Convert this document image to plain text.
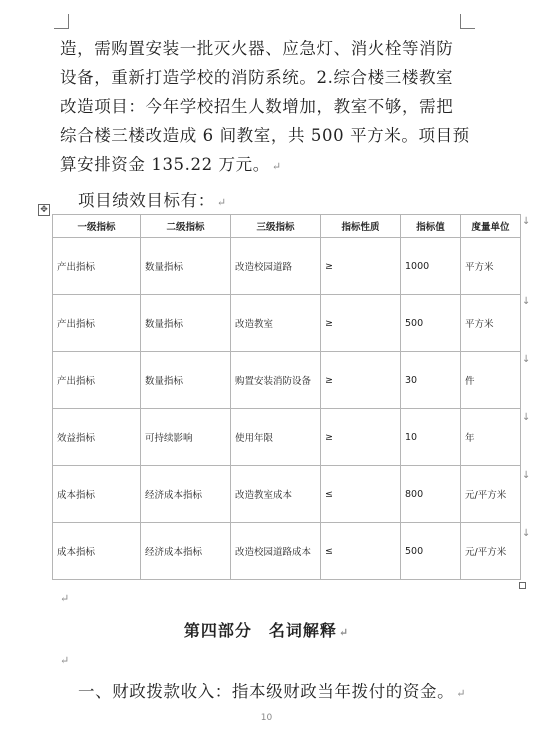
造，需购置安装一批灭火器、应急灯、消火栓等消防
设备，重新打造学校的消防系统。2.综合楼三楼教室
改造项目：今年学校招生人数增加，教室不够，需把
综合楼三楼改造成 6 间教室，共 500 平方米。项目预
算安排资金 135.22 万元。 ↵
项目绩效目标有： ↵
✥
一级指标	二级指标	三级指标	指标性质	指标值	度量单位
产出指标	数量指标	改造校园道路	≥	1000	平方米
产出指标	数量指标	改造教室	≥	500	平方米
产出指标	数量指标	购置安装消防设备	≥	30	件
效益指标	可持续影响	使用年限	≥	10	年
成本指标	经济成本指标	改造教室成本	≤	800	元/平方米
成本指标	经济成本指标	改造校园道路成本	≤	500	元/平方米
↓
↓
↓
↓
↓
↓
↵
第四部分　名词解释 ↵
↵
一、财政拨款收入：指本级财政当年拨付的资金。 ↵
10
